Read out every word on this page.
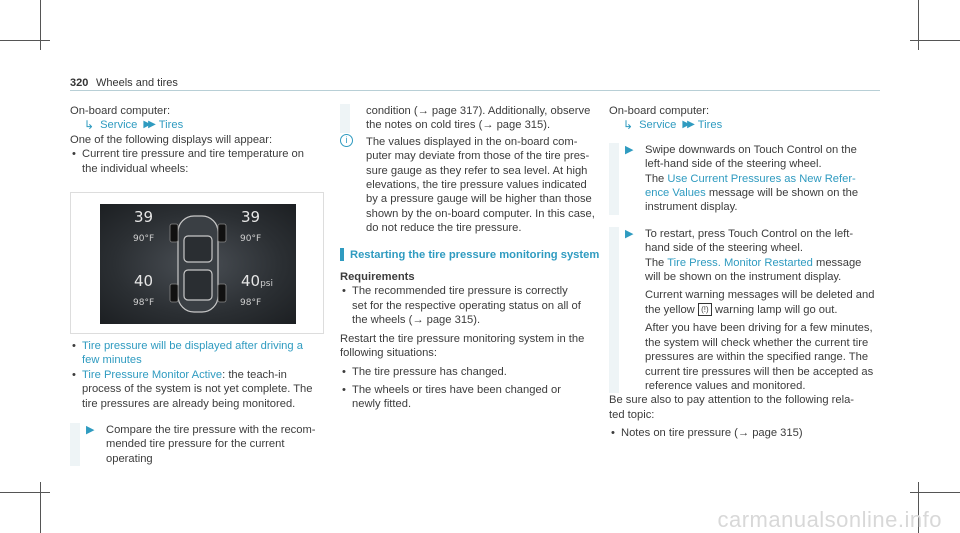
320 Wheels and tires
On-board computer:
↳ Service ▶▶ Tires
One of the following displays will appear:
• Current tire pressure and tire temperature on
the individual wheels:
39
90°F
39
90°F
40
98°F
40psi
98°F
• Tire pressure will be displayed after driving a
few minutes
• Tire Pressure Monitor Active: the teach-in
process of the system is not yet complete. The
tire pressures are already being monitored.
▶ Compare the tire pressure with the recom-
mended tire pressure for the current operating
condition (→ page 317). Additionally, observe
the notes on cold tires (→ page 315).
i	The values displayed in the on-board com-
puter may deviate from those of the tire pres-
sure gauge as they refer to sea level. At high
elevations, the tire pressure values indicated
by a pressure gauge will be higher than those
shown by the on-board computer. In this case,
do not reduce the tire pressure.
Restarting the tire pressure monitoring system
Requirements
• The recommended tire pressure is correctly
set for the respective operating status on all of
the wheels (→ page 315).
Restart the tire pressure monitoring system in the
following situations:
• The tire pressure has changed.
• The wheels or tires have been changed or
newly fitted.
On-board computer:
↳ Service ▶▶ Tires
▶ Swipe downwards on Touch Control on the
left-hand side of the steering wheel.
The Use Current Pressures as New Refer-
ence Values message will be shown on the
instrument display.
▶ To restart, press Touch Control on the left-
hand side of the steering wheel.
The Tire Press. Monitor Restarted message
will be shown on the instrument display.
Current warning messages will be deleted and
the yellow (!) warning lamp will go out.
After you have been driving for a few minutes,
the system will check whether the current tire
pressures are within the specified range. The
current tire pressures will then be accepted as
reference values and monitored.
Be sure also to pay attention to the following rela-
ted topic:
• Notes on tire pressure (→ page 315)
carmanualsonline.info
